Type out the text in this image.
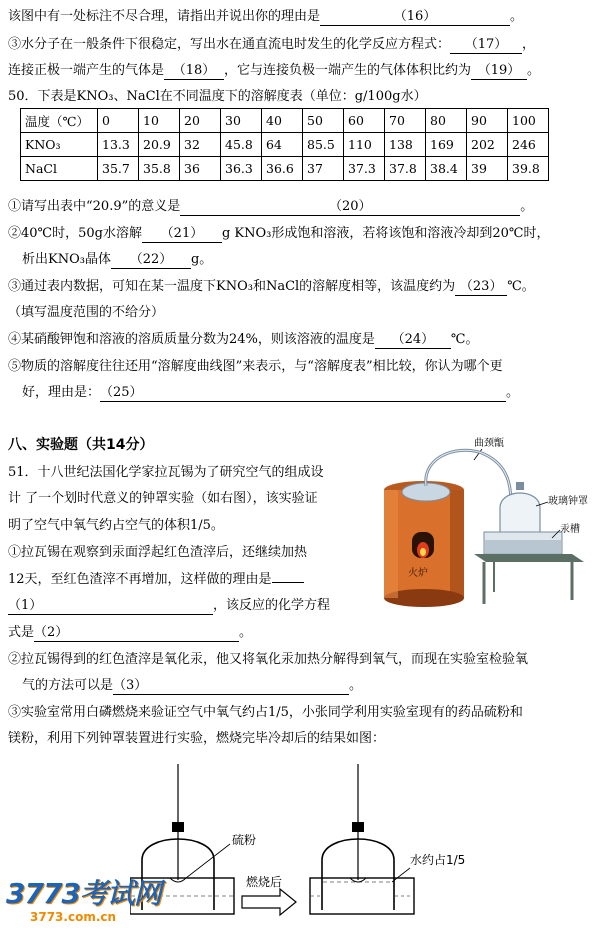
该图中有一处标注不尽合理，请指出并说出你的理由是	（16）	。
③水分子在一般条件下很稳定，写出水在通直流电时发生的化学反应方程式： （17） ，
连接正极一端产生的气体是 （18） ，它与连接负极一端产生的气体体积比约为 （19） 。
50．下表是KNO₃、NaCl在不同温度下的溶解度表（单位：g/100g水）
温度（℃）	0	10	20	30	40	50	60	70	80	90	100
KNO₃	13.3	20.9	32	45.8	64	85.5	110	138	169	202	246
NaCl	35.7	35.8	36	36.3	36.6	37	37.3	37.8	38.4	39	39.8
①请写出表中“20.9”的意义是	（20）	。
②40℃时，50g水溶解 （21） g KNO₃形成饱和溶液，若将该饱和溶液冷却到20℃时，
析出KNO₃晶体 （22） g。
③通过表内数据，可知在某一温度下KNO₃和NaCl的溶解度相等，该温度约为 （23） ℃。
（填写温度范围的不给分）
④某硝酸钾饱和溶液的溶质质量分数为24%，则该溶液的温度是 （24） ℃。
⑤物质的溶解度往往还用“溶解度曲线图”来表示，与“溶解度表”相比较，你认为哪个更
好，理由是：（25）	。
八、实验题（共14分）
51．十八世纪法国化学家拉瓦锡为了研究空气的组成设
计 了一个划时代意义的钟罩实验（如右图），该实验证
明了空气中氧气约占空气的体积1/5。
①拉瓦锡在观察到汞面浮起红色渣滓后，还继续加热
12天，至红色渣滓不再增加，这样做的理由是
（1）	，该反应的化学方程
式是（2）	。
②拉瓦锡得到的红色渣滓是氧化汞，他又将氧化汞加热分解得到氧气，而现在实验室检验氧
气的方法可以是（3）	。
③实验室常用白磷燃烧来验证空气中氧气约占1/5，小张同学利用实验室现有的药品硫粉和
镁粉，利用下列钟罩装置进行实验，燃烧完毕冷却后的结果如图：
曲颈甑
火炉
玻璃钟罩
汞槽
硫粉
燃烧后
水约占1/5
3773考试网
3773.com.cn
